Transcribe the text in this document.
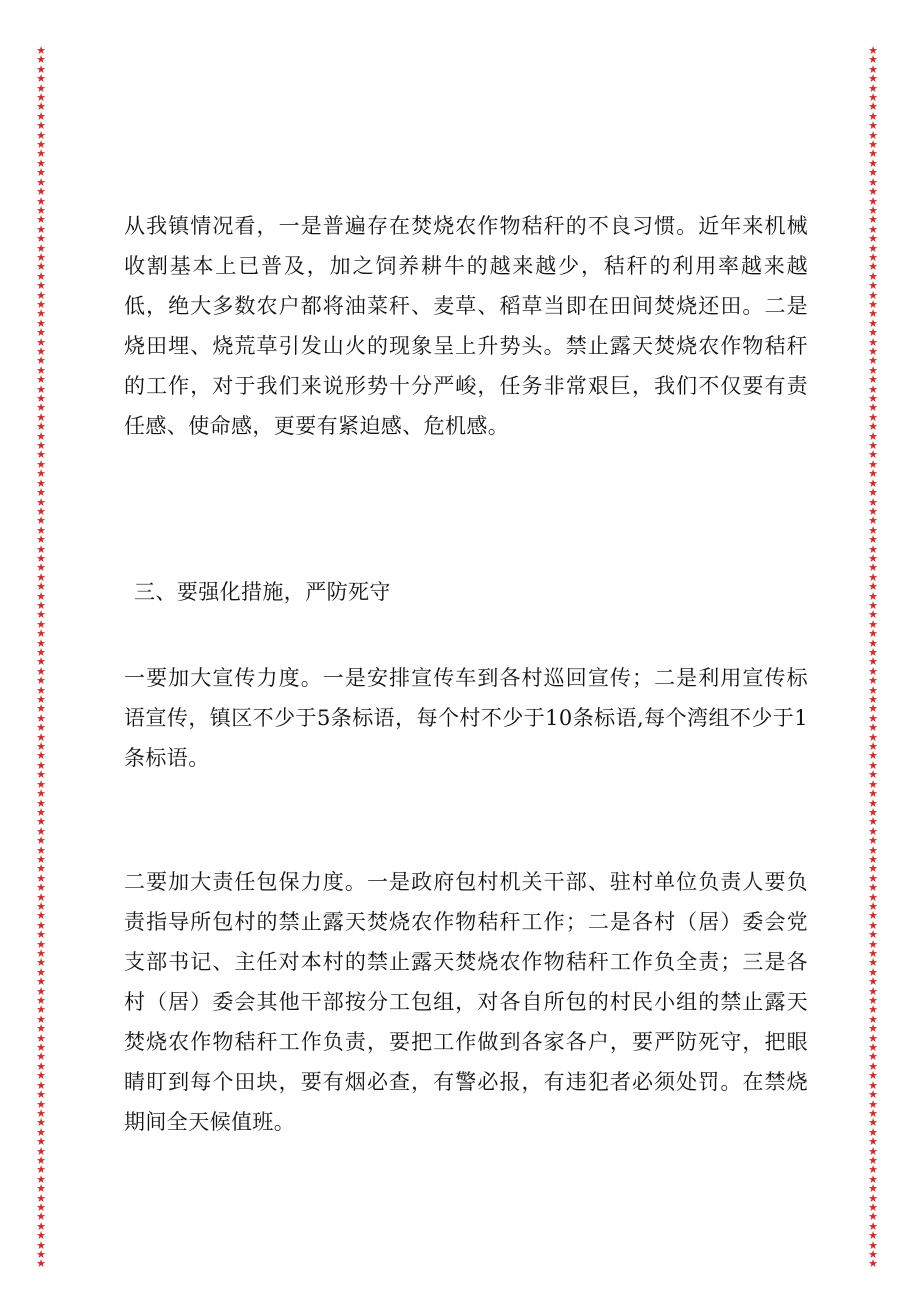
★
★
★
★
★
★
★
★
★
★
★
★
★
★
★
★
★
★
★
★
★
★
★
★
★
★
★
★
★
★
★
★
★
★
★
★
★
★
★
★
★
★
★
★
★
★
★
★
★
★
★
★
★
★
★
★
★
★
★
★
★
★
★
★
★
★
★
★
★
★
★
★
★
★
★
★
★
★
★
★
★
★
★
★
★
★
★
★
★
★
★
★
★
★
★
★
★
★
★
★
★
★
★
★
★
★
★
★
★
★
★
★
★
★
★
★
★
★
★
★
★
★
★
★
★
★
★
★
★
★
★
★
★
★
★
★
★
★
★
★
★
★
★
★
★
★
★
★
★
★
★
★
★
★
★
★
★
★
★
★
★
★
★
★
★
★
★
★
★
★
★
★
★
★
★
★
★
★
★
★
★
★
★
★
★
★
★
★
★
★
★
★
★
★
★
★
★
★
★
★
★
★
★
★
★
★
★
★
★
★
★
★
★
★
★
★
★
★
★
★
★
★
★
★
★
★
★
★
★
★
★
★
★
★
★
★
★
★
★
★
★
★
★
★
★
★
★
★
★
★
★
★
★
★
★
★
★
★
★
★

从我镇情况看，一是普遍存在焚烧农作物秸秆的不良习惯。近年来机械收割基本上已普及，加之饲养耕牛的越来越少，秸秆的利用率越来越低，绝大多数农户都将油菜秆、麦草、稻草当即在田间焚烧还田。二是烧田埋、烧荒草引发山火的现象呈上升势头。禁止露天焚烧农作物秸秆的工作，对于我们来说形势十分严峻，任务非常艰巨，我们不仅要有责任感、使命感，更要有紧迫感、危机感。

三、要强化措施，严防死守

一要加大宣传力度。一是安排宣传车到各村巡回宣传；二是利用宣传标语宣传，镇区不少于5条标语，每个村不少于10条标语,每个湾组不少于1条标语。

二要加大责任包保力度。一是政府包村机关干部、驻村单位负责人要负责指导所包村的禁止露天焚烧农作物秸秆工作；二是各村（居）委会党支部书记、主任对本村的禁止露天焚烧农作物秸秆工作负全责；三是各村（居）委会其他干部按分工包组，对各自所包的村民小组的禁止露天焚烧农作物秸秆工作负责，要把工作做到各家各户，要严防死守，把眼睛盯到每个田块，要有烟必查，有警必报，有违犯者必须处罚。在禁烧期间全天候值班。
